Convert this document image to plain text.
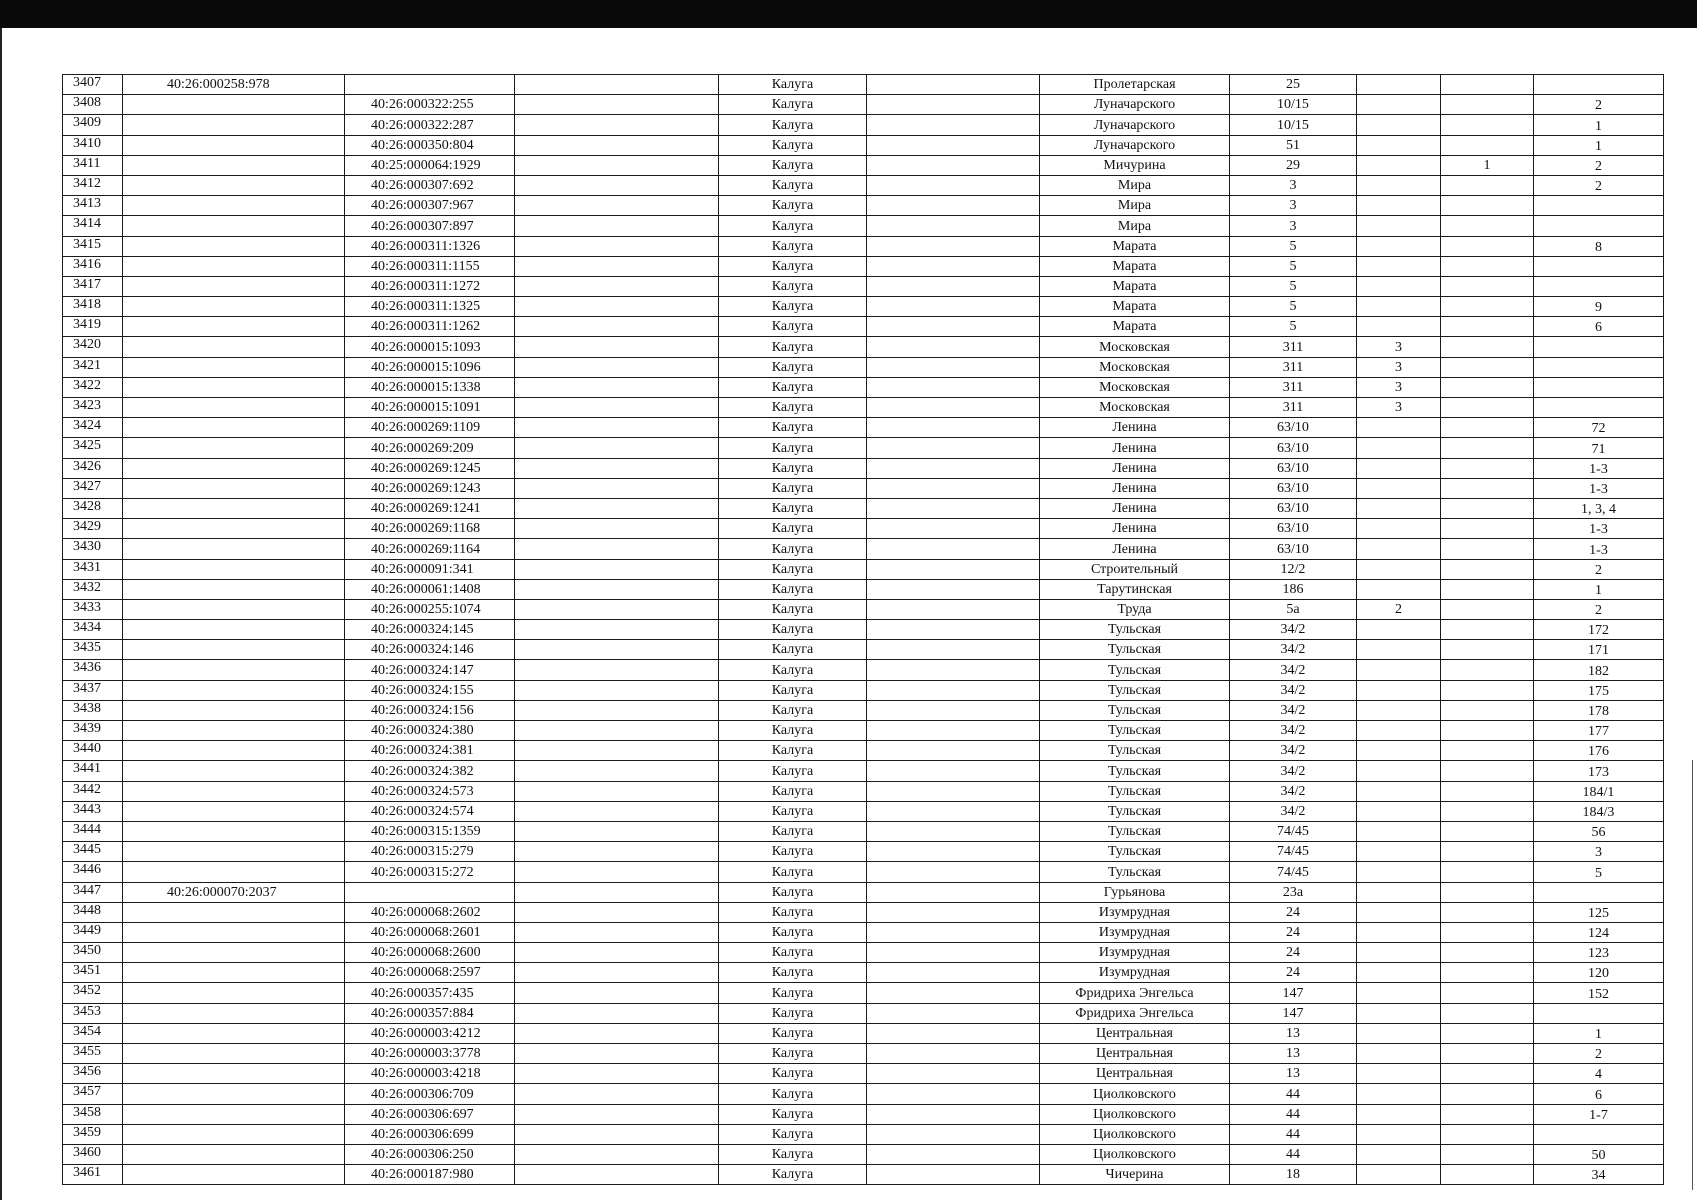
3407	40:26:000258:978			Калуга		Пролетарская	25			
3408		40:26:000322:255		Калуга		Луначарского	10/15			2
3409		40:26:000322:287		Калуга		Луначарского	10/15			1
3410		40:26:000350:804		Калуга		Луначарского	51			1
3411		40:25:000064:1929		Калуга		Мичурина	29		1	2
3412		40:26:000307:692		Калуга		Мира	3			2
3413		40:26:000307:967		Калуга		Мира	3			
3414		40:26:000307:897		Калуга		Мира	3			
3415		40:26:000311:1326		Калуга		Марата	5			8
3416		40:26:000311:1155		Калуга		Марата	5			
3417		40:26:000311:1272		Калуга		Марата	5			
3418		40:26:000311:1325		Калуга		Марата	5			9
3419		40:26:000311:1262		Калуга		Марата	5			6
3420		40:26:000015:1093		Калуга		Московская	311	3		
3421		40:26:000015:1096		Калуга		Московская	311	3		
3422		40:26:000015:1338		Калуга		Московская	311	3		
3423		40:26:000015:1091		Калуга		Московская	311	3		
3424		40:26:000269:1109		Калуга		Ленина	63/10			72
3425		40:26:000269:209		Калуга		Ленина	63/10			71
3426		40:26:000269:1245		Калуга		Ленина	63/10			1-3
3427		40:26:000269:1243		Калуга		Ленина	63/10			1-3
3428		40:26:000269:1241		Калуга		Ленина	63/10			1, 3, 4
3429		40:26:000269:1168		Калуга		Ленина	63/10			1-3
3430		40:26:000269:1164		Калуга		Ленина	63/10			1-3
3431		40:26:000091:341		Калуга		Строительный	12/2			2
3432		40:26:000061:1408		Калуга		Тарутинская	186			1
3433		40:26:000255:1074		Калуга		Труда	5а	2		2
3434		40:26:000324:145		Калуга		Тульская	34/2			172
3435		40:26:000324:146		Калуга		Тульская	34/2			171
3436		40:26:000324:147		Калуга		Тульская	34/2			182
3437		40:26:000324:155		Калуга		Тульская	34/2			175
3438		40:26:000324:156		Калуга		Тульская	34/2			178
3439		40:26:000324:380		Калуга		Тульская	34/2			177
3440		40:26:000324:381		Калуга		Тульская	34/2			176
3441		40:26:000324:382		Калуга		Тульская	34/2			173
3442		40:26:000324:573		Калуга		Тульская	34/2			184/1
3443		40:26:000324:574		Калуга		Тульская	34/2			184/3
3444		40:26:000315:1359		Калуга		Тульская	74/45			56
3445		40:26:000315:279		Калуга		Тульская	74/45			3
3446		40:26:000315:272		Калуга		Тульская	74/45			5
3447	40:26:000070:2037			Калуга		Гурьянова	23а			
3448		40:26:000068:2602		Калуга		Изумрудная	24			125
3449		40:26:000068:2601		Калуга		Изумрудная	24			124
3450		40:26:000068:2600		Калуга		Изумрудная	24			123
3451		40:26:000068:2597		Калуга		Изумрудная	24			120
3452		40:26:000357:435		Калуга		Фридриха Энгельса	147			152
3453		40:26:000357:884		Калуга		Фридриха Энгельса	147			
3454		40:26:000003:4212		Калуга		Центральная	13			1
3455		40:26:000003:3778		Калуга		Центральная	13			2
3456		40:26:000003:4218		Калуга		Центральная	13			4
3457		40:26:000306:709		Калуга		Циолковского	44			6
3458		40:26:000306:697		Калуга		Циолковского	44			1-7
3459		40:26:000306:699		Калуга		Циолковского	44			
3460		40:26:000306:250		Калуга		Циолковского	44			50
3461		40:26:000187:980		Калуга		Чичерина	18			34
